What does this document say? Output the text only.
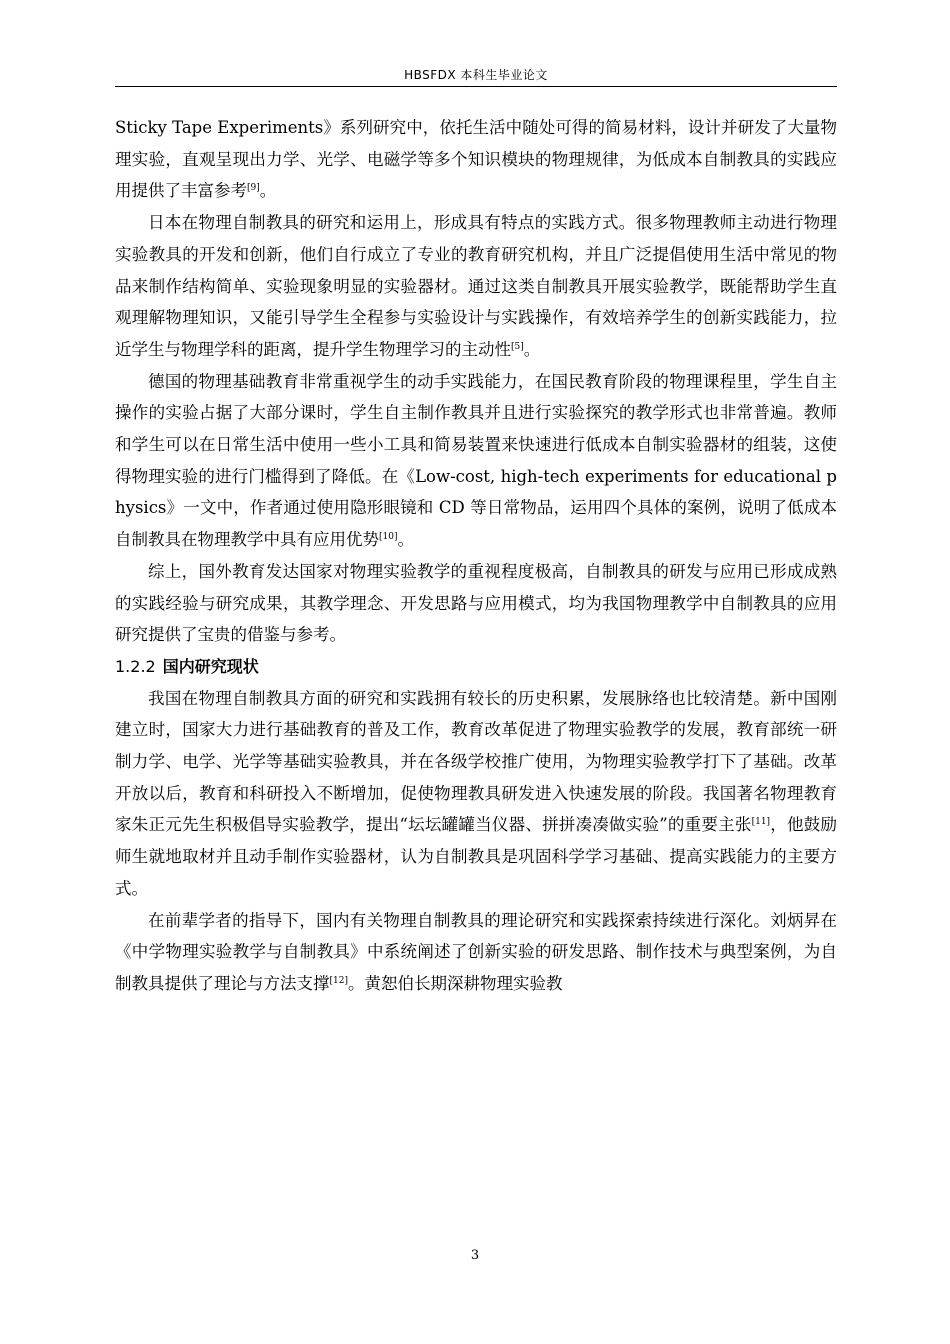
HBSFDX 本科生毕业论文

Sticky Tape Experiments》系列研究中，依托生活中随处可得的简易材料，设计并研发了大量物理实验，直观呈现出力学、光学、电磁学等多个知识模块的物理规律，为低成本自制教具的实践应用提供了丰富参考[9]。

日本在物理自制教具的研究和运用上，形成具有特点的实践方式。很多物理教师主动进行物理实验教具的开发和创新，他们自行成立了专业的教育研究机构，并且广泛提倡使用生活中常见的物品来制作结构简单、实验现象明显的实验器材。通过这类自制教具开展实验教学，既能帮助学生直观理解物理知识，又能引导学生全程参与实验设计与实践操作，有效培养学生的创新实践能力，拉近学生与物理学科的距离，提升学生物理学习的主动性[5]。

德国的物理基础教育非常重视学生的动手实践能力，在国民教育阶段的物理课程里，学生自主操作的实验占据了大部分课时，学生自主制作教具并且进行实验探究的教学形式也非常普遍。教师和学生可以在日常生活中使用一些小工具和简易装置来快速进行低成本自制实验器材的组装，这使得物理实验的进行门槛得到了降低。在《Low-cost, high-tech experiments for educational physics》一文中，作者通过使用隐形眼镜和 CD 等日常物品，运用四个具体的案例，说明了低成本自制教具在物理教学中具有应用优势[10]。

综上，国外教育发达国家对物理实验教学的重视程度极高，自制教具的研发与应用已形成成熟的实践经验与研究成果，其教学理念、开发思路与应用模式，均为我国物理教学中自制教具的应用研究提供了宝贵的借鉴与参考。

1.2.2 国内研究现状

我国在物理自制教具方面的研究和实践拥有较长的历史积累，发展脉络也比较清楚。新中国刚建立时，国家大力进行基础教育的普及工作，教育改革促进了物理实验教学的发展，教育部统一研制力学、电学、光学等基础实验教具，并在各级学校推广使用，为物理实验教学打下了基础。改革开放以后，教育和科研投入不断增加，促使物理教具研发进入快速发展的阶段。我国著名物理教育家朱正元先生积极倡导实验教学，提出“坛坛罐罐当仪器、拼拼凑凑做实验”的重要主张[11]，他鼓励师生就地取材并且动手制作实验器材，认为自制教具是巩固科学学习基础、提高实践能力的主要方式。

在前辈学者的指导下，国内有关物理自制教具的理论研究和实践探索持续进行深化。刘炳昇在《中学物理实验教学与自制教具》中系统阐述了创新实验的研发思路、制作技术与典型案例，为自制教具提供了理论与方法支撑[12]。黄恕伯长期深耕物理实验教

3
